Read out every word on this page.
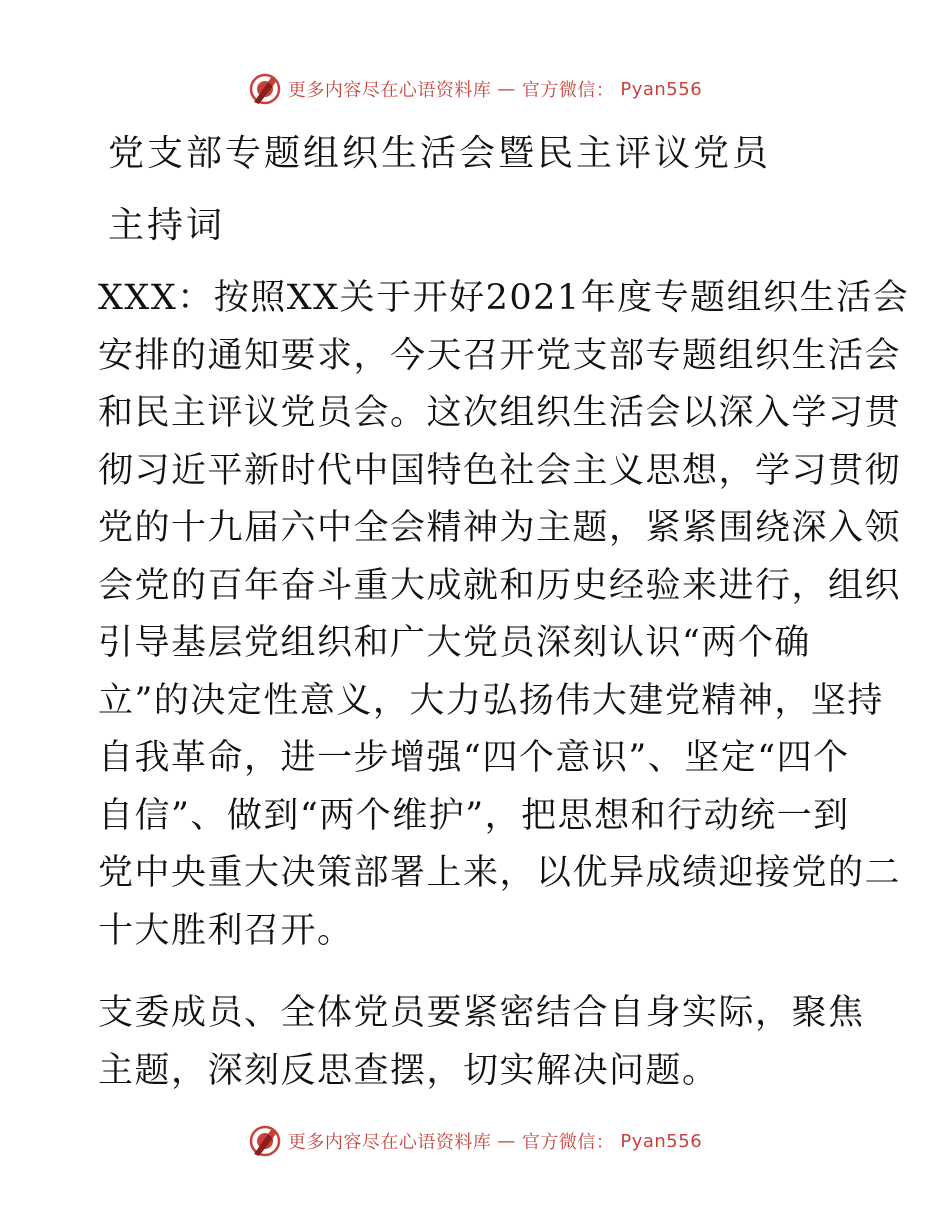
更多内容尽在心语资料库 — 官方微信： Pyan556
党支部专题组织生活会暨民主评议党员
主持词
XXX：按照XX关于开好2021年度专题组织生活会
安排的通知要求，今天召开党支部专题组织生活会
和民主评议党员会。这次组织生活会以深入学习贯
彻习近平新时代中国特色社会主义思想，学习贯彻
党的十九届六中全会精神为主题，紧紧围绕深入领
会党的百年奋斗重大成就和历史经验来进行，组织
引导基层党组织和广大党员深刻认识“两个确
立”的决定性意义，大力弘扬伟大建党精神，坚持
自我革命，进一步增强“四个意识”、坚定“四个
自信”、做到“两个维护”，把思想和行动统一到
党中央重大决策部署上来，以优异成绩迎接党的二
十大胜利召开。
支委成员、全体党员要紧密结合自身实际，聚焦
主题，深刻反思查摆，切实解决问题。
更多内容尽在心语资料库 — 官方微信： Pyan556
